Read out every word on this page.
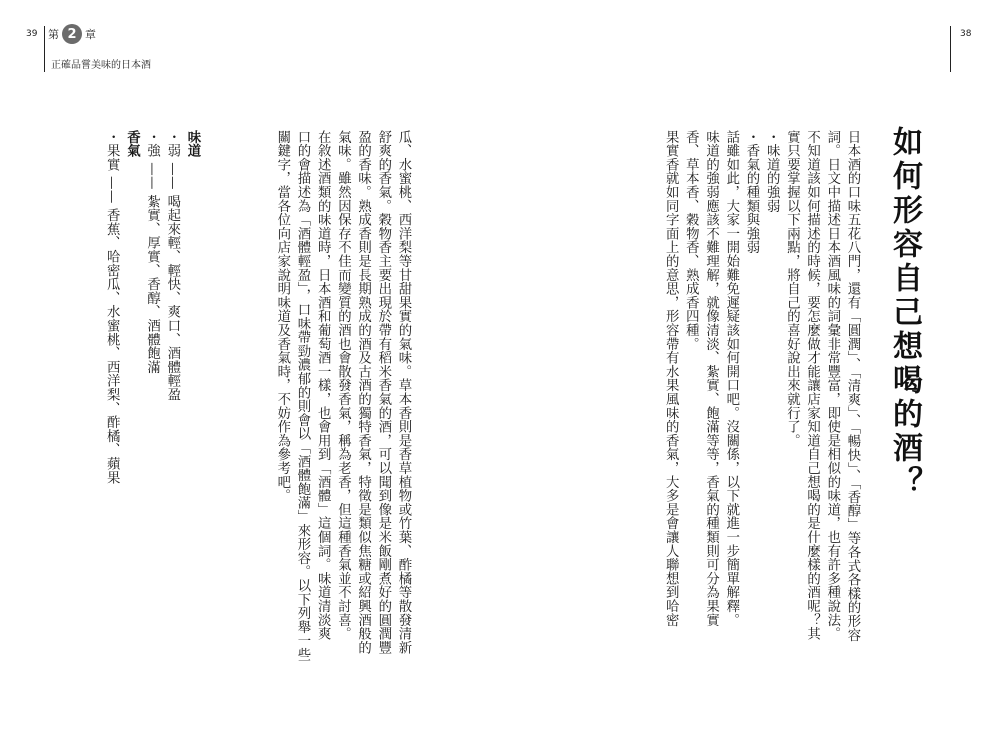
39 第 2 章
正確品嘗美味的日本酒
38
如何形容自己想喝的酒？
日本酒的口味五花八門，還有「圓潤」、「清爽」、「暢快」、「香醇」等各式各樣的形容
詞。日文中描述日本酒風味的詞彙非常豐富，即使是相似的味道，也有許多種說法。
不知道該如何描述的時候，要怎麼做才能讓店家知道自己想喝的是什麼樣的酒呢？其
實只要掌握以下兩點，將自己的喜好說出來就行了。
・味道的強弱
・香氣的種類與強弱
話雖如此，大家一開始難免遲疑該如何開口吧。沒關係，以下就進一步簡單解釋。
味道的強弱應該不難理解，就像清淡、紮實、飽滿等等，香氣的種類則可分為果實
香、草本香、穀物香、熟成香四種。
果實香就如同字面上的意思，形容帶有水果風味的香氣，大多是會讓人聯想到哈密
瓜、水蜜桃、西洋梨等甘甜果實的氣味。草本香則是香草植物或竹葉、酢橘等散發清新
舒爽的香氣。穀物香主要出現於帶有稻米香氣的酒，可以聞到像是米飯剛煮好的圓潤豐
盈的香味。熟成香則是長期熟成的酒及古酒的獨特香氣，特徵是類似焦糖或紹興酒般的
氣味。雖然因保存不佳而變質的酒也會散發香氣，稱為老香，但這種香氣並不討喜。
在敘述酒類的味道時，日本酒和葡萄酒一樣，也會用到「酒體」這個詞。味道清淡爽
口的會描述為「酒體輕盈」，口味帶勁濃郁的則會以「酒體飽滿」來形容。以下列舉一些
關鍵字，當各位向店家說明味道及香氣時，不妨作為參考吧。
味道
・弱 —— 喝起來輕、輕快、爽口、酒體輕盈
・強 —— 紮實、厚實、香醇、酒體飽滿
香氣
・果實 —— 香蕉、哈密瓜、水蜜桃、西洋梨、酢橘、蘋果
